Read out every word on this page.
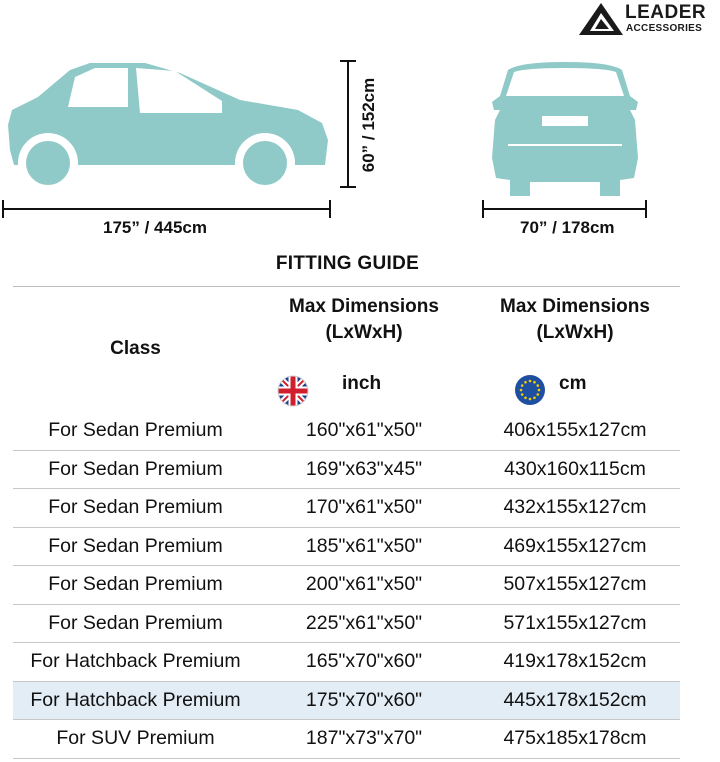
LEADER
ACCESSORIES
175” / 445cm
60” / 152cm
70” / 178cm
FITTING GUIDE
Class
Max Dimensions
(LxWxH)
Max Dimensions
(LxWxH)
inch	cm
For Sedan Premium	160"x61"x50"	406x155x127cm
For Sedan Premium	169"x63"x45"	430x160x115cm
For Sedan Premium	170"x61"x50"	432x155x127cm
For Sedan Premium	185"x61"x50"	469x155x127cm
For Sedan Premium	200"x61"x50"	507x155x127cm
For Sedan Premium	225"x61"x50"	571x155x127cm
For Hatchback Premium	165"x70"x60"	419x178x152cm
For Hatchback Premium	175"x70"x60"	445x178x152cm
For SUV Premium	187"x73"x70"	475x185x178cm
